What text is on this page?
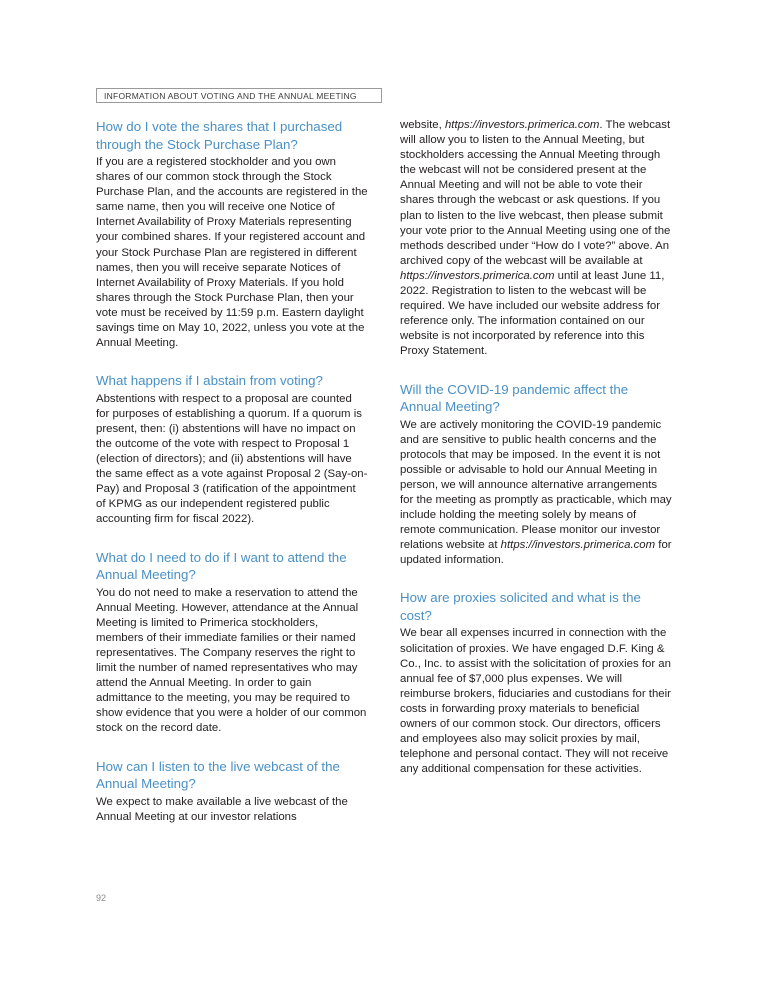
INFORMATION ABOUT VOTING AND THE ANNUAL MEETING
How do I vote the shares that I purchased through the Stock Purchase Plan?

If you are a registered stockholder and you own shares of our common stock through the Stock Purchase Plan, and the accounts are registered in the same name, then you will receive one Notice of Internet Availability of Proxy Materials representing your combined shares. If your registered account and your Stock Purchase Plan are registered in different names, then you will receive separate Notices of Internet Availability of Proxy Materials. If you hold shares through the Stock Purchase Plan, then your vote must be received by 11:59 p.m. Eastern daylight savings time on May 10, 2022, unless you vote at the Annual Meeting.

What happens if I abstain from voting?

Abstentions with respect to a proposal are counted for purposes of establishing a quorum. If a quorum is present, then: (i) abstentions will have no impact on the outcome of the vote with respect to Proposal 1 (election of directors); and (ii) abstentions will have the same effect as a vote against Proposal 2 (Say-on-Pay) and Proposal 3 (ratification of the appointment of KPMG as our independent registered public accounting firm for fiscal 2022).

What do I need to do if I want to attend the Annual Meeting?

You do not need to make a reservation to attend the Annual Meeting. However, attendance at the Annual Meeting is limited to Primerica stockholders, members of their immediate families or their named representatives. The Company reserves the right to limit the number of named representatives who may attend the Annual Meeting. In order to gain admittance to the meeting, you may be required to show evidence that you were a holder of our common stock on the record date.

How can I listen to the live webcast of the Annual Meeting?

We expect to make available a live webcast of the Annual Meeting at our investor relations

website, https://investors.primerica.com. The webcast will allow you to listen to the Annual Meeting, but stockholders accessing the Annual Meeting through the webcast will not be considered present at the Annual Meeting and will not be able to vote their shares through the webcast or ask questions. If you plan to listen to the live webcast, then please submit your vote prior to the Annual Meeting using one of the methods described under “How do I vote?” above. An archived copy of the webcast will be available at https://investors.primerica.com until at least June 11, 2022. Registration to listen to the webcast will be required. We have included our website address for reference only. The information contained on our website is not incorporated by reference into this Proxy Statement.

Will the COVID-19 pandemic affect the Annual Meeting?

We are actively monitoring the COVID-19 pandemic and are sensitive to public health concerns and the protocols that may be imposed. In the event it is not possible or advisable to hold our Annual Meeting in person, we will announce alternative arrangements for the meeting as promptly as practicable, which may include holding the meeting solely by means of remote communication. Please monitor our investor relations website at https://investors.primerica.com for updated information.

How are proxies solicited and what is the cost?

We bear all expenses incurred in connection with the solicitation of proxies. We have engaged D.F. King & Co., Inc. to assist with the solicitation of proxies for an annual fee of $7,000 plus expenses. We will reimburse brokers, fiduciaries and custodians for their costs in forwarding proxy materials to beneficial owners of our common stock. Our directors, officers and employees also may solicit proxies by mail, telephone and personal contact. They will not receive any additional compensation for these activities.

92
